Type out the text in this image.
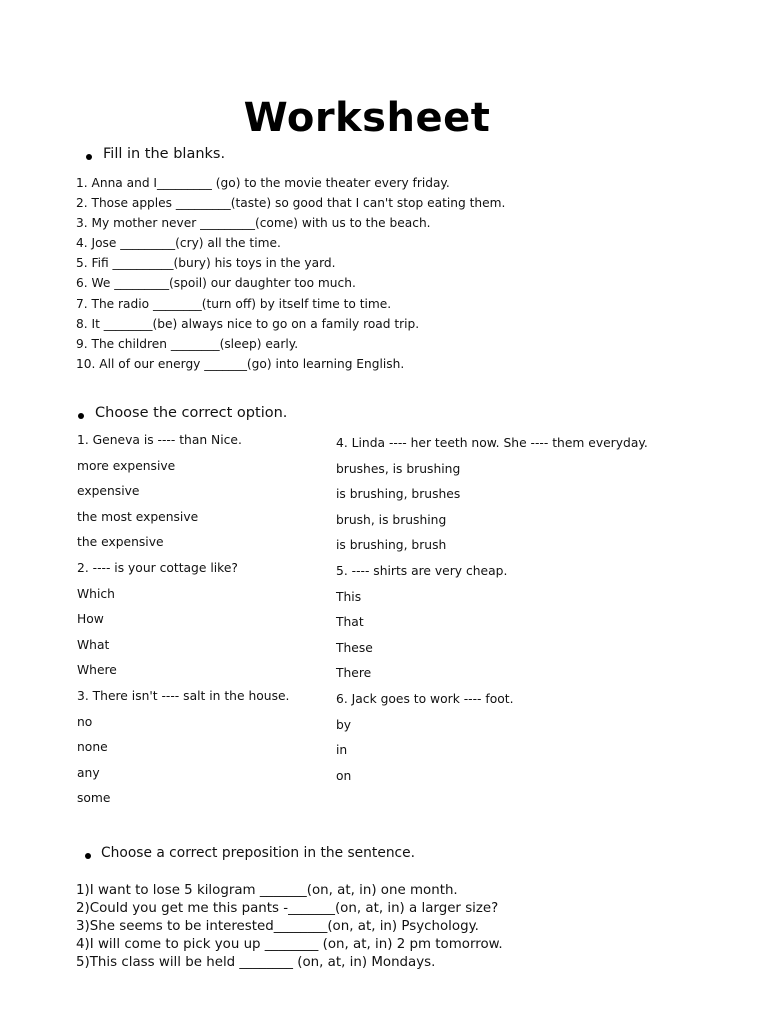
Worksheet
Fill in the blanks.
1. Anna and I_________ (go) to the movie theater every friday.
2. Those apples _________(taste) so good that I can't stop eating them.
3. My mother never _________(come) with us to the beach.
4. Jose _________(cry) all the time.
5. Fifi __________(bury) his toys in the yard.
6. We _________(spoil) our daughter too much.
7. The radio ________(turn off) by itself time to time.
8. It ________(be) always nice to go on a family road trip.
9. The children ________(sleep) early.
10. All of our energy _______(go) into learning English.
Choose the correct option.
1. Geneva is ---- than Nice.
more expensive
expensive
the most expensive
the expensive
2. ---- is your cottage like?
Which
How
What
Where
3. There isn't ---- salt in the house.
no
none
any
some
4. Linda ---- her teeth now. She ---- them everyday.
brushes, is brushing
is brushing, brushes
brush, is brushing
is brushing, brush
5. ---- shirts are very cheap.
This
That
These
There
6. Jack goes to work ---- foot.
by
in
on
Choose a correct preposition in the sentence.
1)I want to lose 5 kilogram _______(on, at, in) one month.
2)Could you get me this pants -_______(on, at, in) a larger size?
3)She seems to be interested________(on, at, in) Psychology.
4)I will come to pick you up ________ (on, at, in) 2 pm tomorrow.
5)This class will be held ________ (on, at, in) Mondays.
